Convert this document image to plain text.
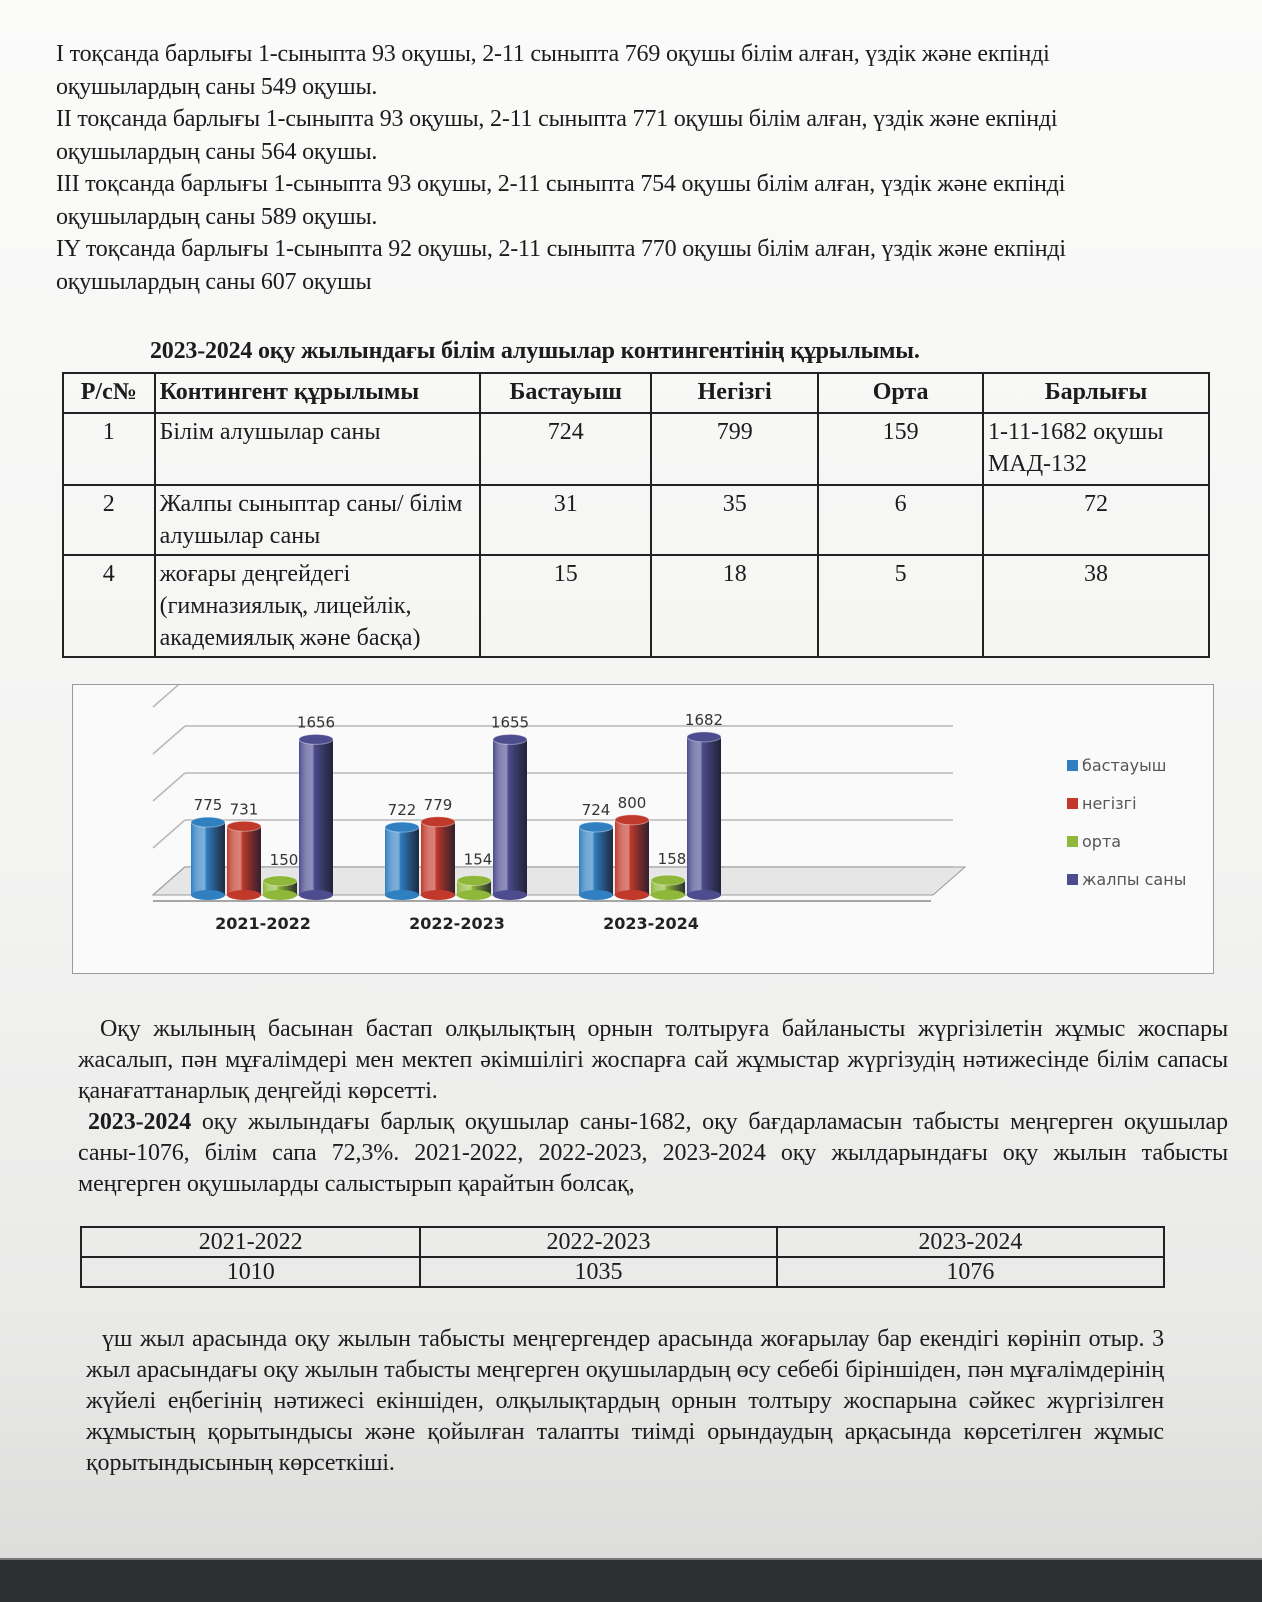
I тоқсанда барлығы 1-сыныпта 93 оқушы, 2-11 сыныпта 769 оқушы білім алған, үздік және екпінді оқушылардың саны 549 оқушы.

II тоқсанда барлығы 1-сыныпта 93 оқушы, 2-11 сыныпта 771 оқушы білім алған, үздік және екпінді оқушылардың саны 564 оқушы.

III тоқсанда барлығы 1-сыныпта 93 оқушы, 2-11 сыныпта 754 оқушы білім алған, үздік және екпінді оқушылардың саны 589 оқушы.

IY тоқсанда барлығы 1-сыныпта 92 оқушы, 2-11 сыныпта 770 оқушы білім алған, үздік және екпінді оқушылардың саны 607 оқушы

2023-2024 оқу жылындағы білім алушылар контингентінің құрылымы.
Р/с№	Контингент құрылымы	Бастауыш	Негізгі	Орта	Барлығы
1	Білім алушылар саны	724	799	159	1-11-1682 оқушы МАД-132
2	Жалпы сыныптар саны/ білім алушылар саны	31	35	6	72
4	жоғары деңгейдегі (гимназиялық, лицейлік, академиялық және басқа)	15	18	5	38
775 731
150
1656
2021-2022
722 779
154
1655
2022-2023
724 800
158
1682
2023-2024
бастауыш
негізгі
орта
жалпы саны

Оқу жылының басынан бастап олқылықтың орнын толтыруға байланысты жүргізілетін жұмыс жоспары жасалып, пән мұғалімдері мен мектеп әкімшілігі жоспарға сай жұмыстар жүргізудің нәтижесінде білім сапасы қанағаттанарлық деңгейді көрсетті.

2023-2024 оқу жылындағы барлық оқушылар саны-1682, оқу бағдарламасын табысты меңгерген оқушылар саны-1076, білім сапа 72,3%. 2021-2022, 2022-2023, 2023-2024 оқу жылдарындағы оқу жылын табысты меңгерген оқушыларды салыстырып қарайтын болсақ,

2021-2022	2022-2023	2023-2024
1010	1035	1076

үш жыл арасында оқу жылын табысты меңгергендер арасында жоғарылау бар екендігі көрініп отыр. 3 жыл арасындағы оқу жылын табысты меңгерген оқушылардың өсу себебі біріншіден, пән мұғалімдерінің жүйелі еңбегінің нәтижесі екіншіден, олқылықтардың орнын толтыру жоспарына сәйкес жүргізілген жұмыстың қорытындысы және қойылған талапты тиімді орындаудың арқасында көрсетілген жұмыс қорытындысының көрсеткіші.
